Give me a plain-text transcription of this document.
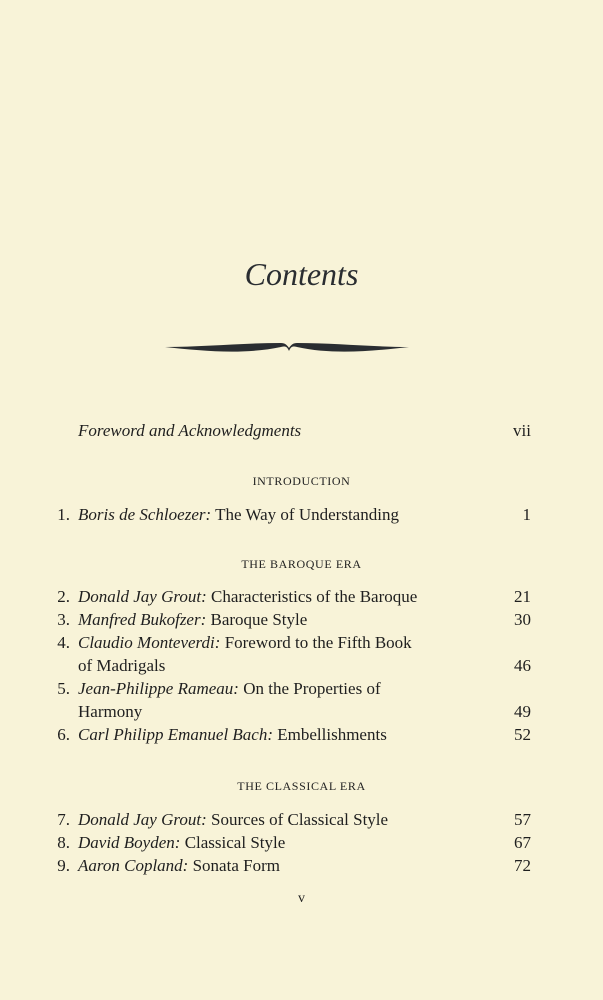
Contents
Foreword and Acknowledgments	vii
INTRODUCTION
1. Boris de Schloezer: The Way of Understanding	1
THE BAROQUE ERA
2. Donald Jay Grout: Characteristics of the Baroque	21
3. Manfred Bukofzer: Baroque Style	30
4. Claudio Monteverdi: Foreword to the Fifth Book
of Madrigals	46
5. Jean-Philippe Rameau: On the Properties of
Harmony	49
6. Carl Philipp Emanuel Bach: Embellishments	52
THE CLASSICAL ERA
7. Donald Jay Grout: Sources of Classical Style	57
8. David Boyden: Classical Style	67
9. Aaron Copland: Sonata Form	72
v
